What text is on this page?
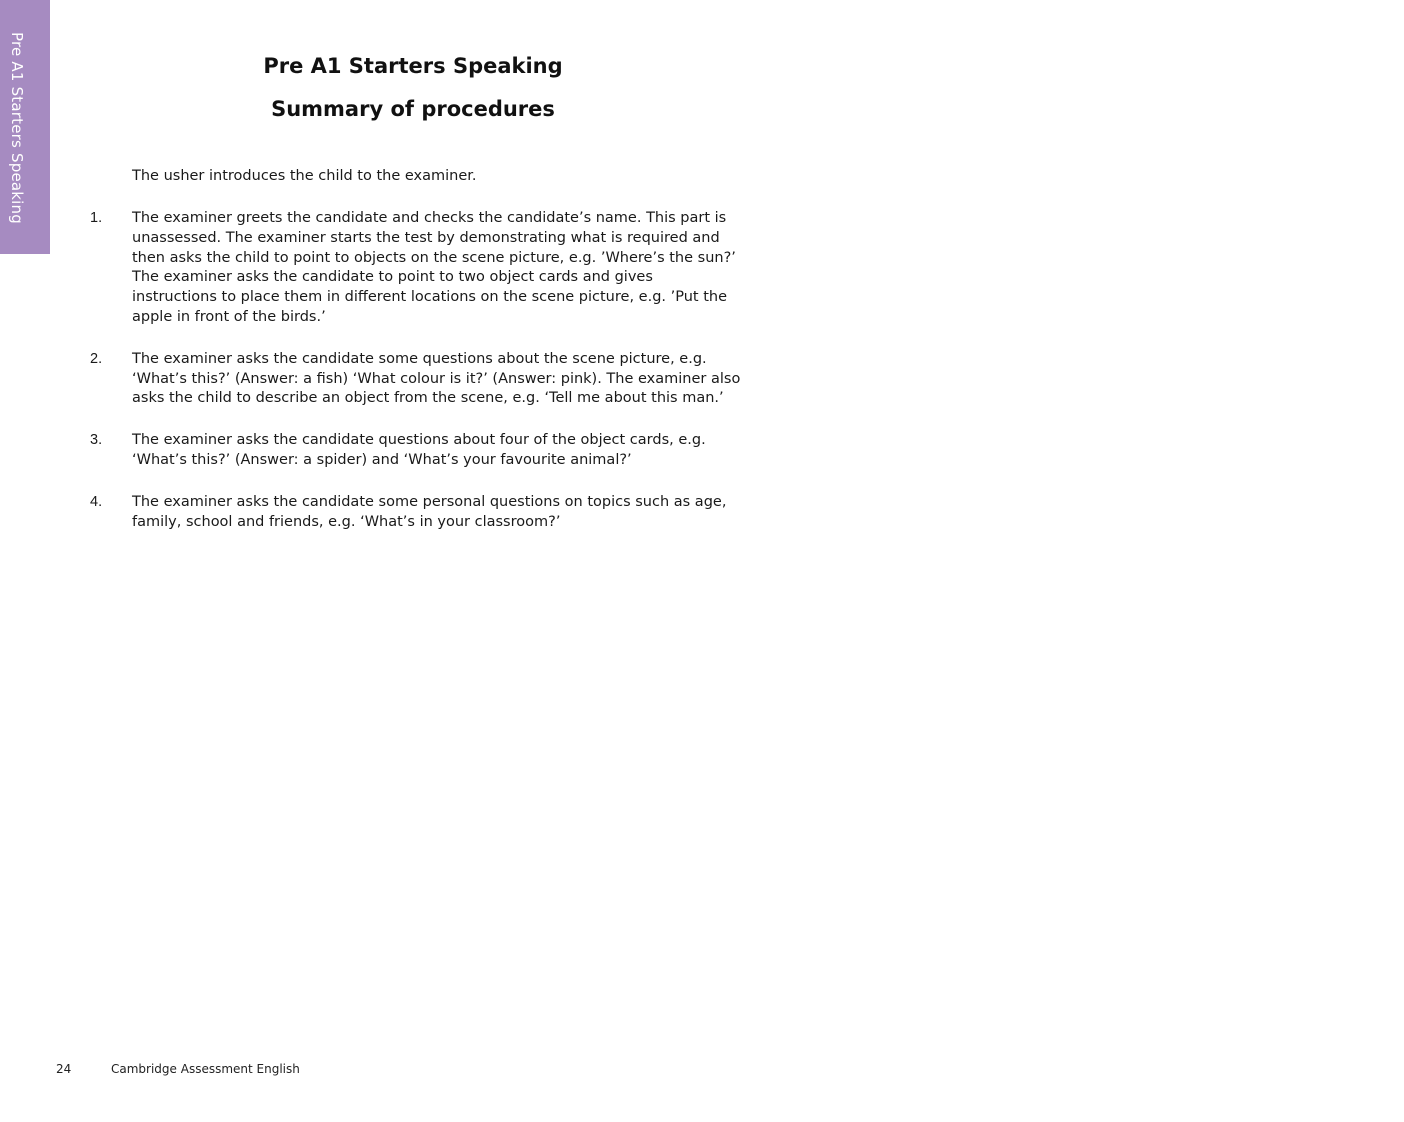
Pre A1 Starters Speaking	Pre A1 Starters Speaking
Summary of procedures

The usher introduces the child to the examiner.

1. The examiner greets the candidate and checks the candidate’s name. This part is unassessed. The examiner starts the test by demonstrating what is required and then asks the child to point to objects on the scene picture, e.g. ’Where’s the sun?’ The examiner asks the candidate to point to two object cards and gives instructions to place them in different locations on the scene picture, e.g. ’Put the apple in front of the birds.’
2. The examiner asks the candidate some questions about the scene picture, e.g. ‘What’s this?’ (Answer: a fish) ‘What colour is it?’ (Answer: pink). The examiner also asks the child to describe an object from the scene, e.g. ‘Tell me about this man.’
3. The examiner asks the candidate questions about four of the object cards, e.g. ‘What’s this?’ (Answer: a spider) and ‘What’s your favourite animal?’
4. The examiner asks the candidate some personal questions on topics such as age, family, school and friends, e.g. ‘What’s in your classroom?’
24	Cambridge Assessment English
